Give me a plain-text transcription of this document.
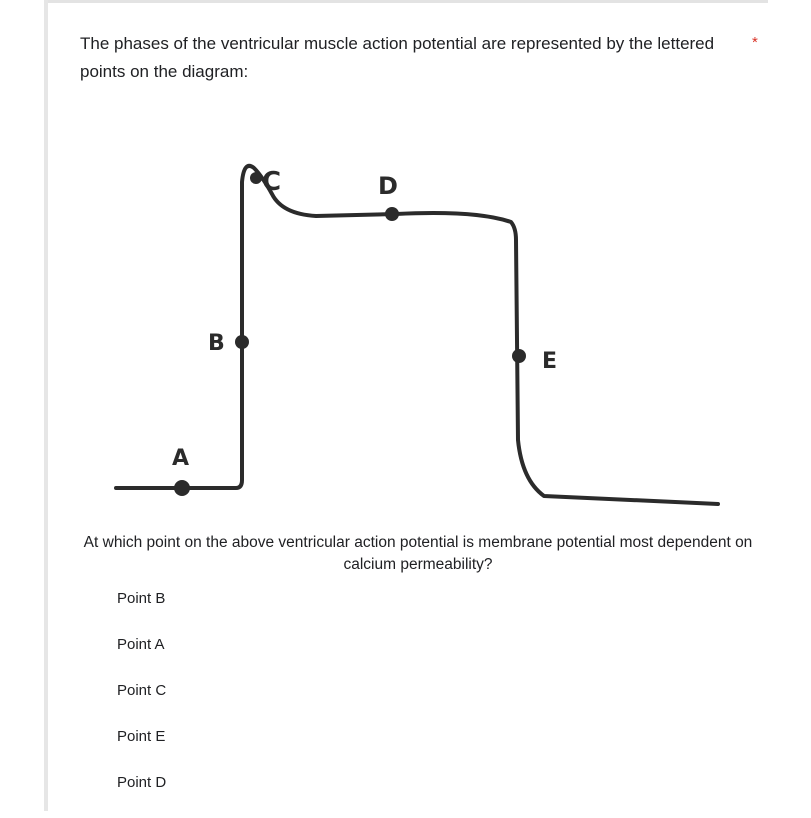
The phases of the ventricular muscle action potential are represented by the lettered points on the diagram:
*
A
B
C	D
E
At which point on the above ventricular action potential is membrane potential most dependent on calcium permeability?
Point B
Point A
Point C
Point E
Point D
